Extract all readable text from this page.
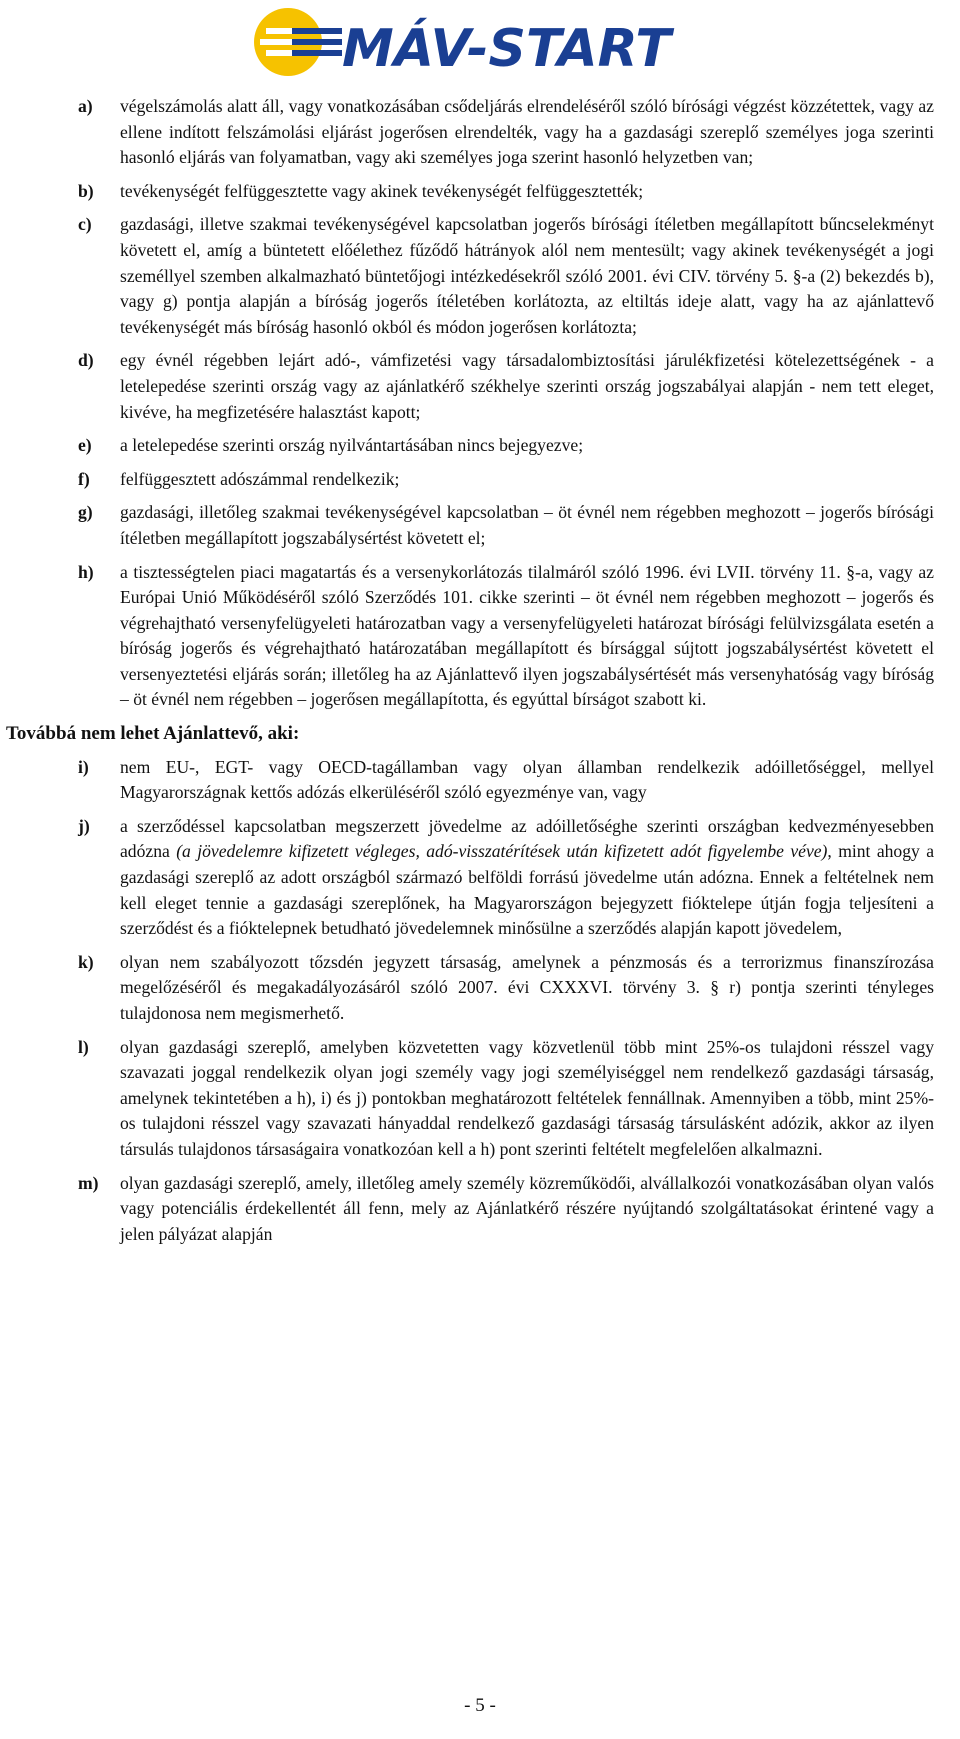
MÁV-START
a)	végelszámolás alatt áll, vagy vonatkozásában csődeljárás elrendeléséről szóló bírósági végzést közzétettek, vagy az ellene indított felszámolási eljárást jogerősen elrendelték, vagy ha a gazdasági szereplő személyes joga szerinti hasonló eljárás van folyamatban, vagy aki személyes joga szerint hasonló helyzetben van;
b)	tevékenységét felfüggesztette vagy akinek tevékenységét felfüggesztették;
c)	gazdasági, illetve szakmai tevékenységével kapcsolatban jogerős bírósági ítéletben megállapított bűncselekményt követett el, amíg a büntetett előélethez fűződő hátrányok alól nem mentesült; vagy akinek tevékenységét a jogi személlyel szemben alkalmazható büntetőjogi intézkedésekről szóló 2001. évi CIV. törvény 5. §-a (2) bekezdés b), vagy g) pontja alapján a bíróság jogerős ítéletében korlátozta, az eltiltás ideje alatt, vagy ha az ajánlattevő tevékenységét más bíróság hasonló okból és módon jogerősen korlátozta;
d)	egy évnél régebben lejárt adó-, vámfizetési vagy társadalombiztosítási járulékfizetési kötelezettségének - a letelepedése szerinti ország vagy az ajánlatkérő székhelye szerinti ország jogszabályai alapján - nem tett eleget, kivéve, ha megfizetésére halasztást kapott;
e)	a letelepedése szerinti ország nyilvántartásában nincs bejegyezve;
f)	felfüggesztett adószámmal rendelkezik;
g)	gazdasági, illetőleg szakmai tevékenységével kapcsolatban – öt évnél nem régebben meghozott – jogerős bírósági ítéletben megállapított jogszabálysértést követett el;
h)	a tisztességtelen piaci magatartás és a versenykorlátozás tilalmáról szóló 1996. évi LVII. törvény 11. §-a, vagy az Európai Unió Működéséről szóló Szerződés 101. cikke szerinti – öt évnél nem régebben meghozott – jogerős és végrehajtható versenyfelügyeleti határozatban vagy a versenyfelügyeleti határozat bírósági felülvizsgálata esetén a bíróság jogerős és végrehajtható határozatában megállapított és bírsággal sújtott jogszabálysértést követett el versenyeztetési eljárás során; illetőleg ha az Ajánlattevő ilyen jogszabálysértését más versenyhatóság vagy bíróság – öt évnél nem régebben – jogerősen megállapította, és egyúttal bírságot szabott ki.
Továbbá nem lehet Ajánlattevő, aki:
i)	nem EU-, EGT- vagy OECD-tagállamban vagy olyan államban rendelkezik adóilletőséggel, mellyel Magyarországnak kettős adózás elkerüléséről szóló egyezménye van, vagy
j)	a szerződéssel kapcsolatban megszerzett jövedelme az adóilletőséghe szerinti országban kedvezményesebben adózna (a jövedelemre kifizetett végleges, adó-visszatérítések után kifizetett adót figyelembe véve), mint ahogy a gazdasági szereplő az adott országból származó belföldi forrású jövedelme után adózna. Ennek a feltételnek nem kell eleget tennie a gazdasági szereplőnek, ha Magyarországon bejegyzett fióktelepe útján fogja teljesíteni a szerződést és a fióktelepnek betudható jövedelemnek minősülne a szerződés alapján kapott jövedelem,
k)	olyan nem szabályozott tőzsdén jegyzett társaság, amelynek a pénzmosás és a terrorizmus finanszírozása megelőzéséről és megakadályozásáról szóló 2007. évi CXXXVI. törvény 3. § r) pontja szerinti tényleges tulajdonosa nem megismerhető.
l)	olyan gazdasági szereplő, amelyben közvetetten vagy közvetlenül több mint 25%-os tulajdoni résszel vagy szavazati joggal rendelkezik olyan jogi személy vagy jogi személyiséggel nem rendelkező gazdasági társaság, amelynek tekintetében a h), i) és j) pontokban meghatározott feltételek fennállnak. Amennyiben a több, mint 25%-os tulajdoni résszel vagy szavazati hányaddal rendelkező gazdasági társaság társulásként adózik, akkor az ilyen társulás tulajdonos társaságaira vonatkozóan kell a h) pont szerinti feltételt megfelelően alkalmazni.
m)	olyan gazdasági szereplő, amely, illetőleg amely személy közreműködői, alvállalkozói vonatkozásában olyan valós vagy potenciális érdekellentét áll fenn, mely az Ajánlatkérő részére nyújtandó szolgáltatásokat érintené vagy a jelen pályázat alapján
- 5 -
